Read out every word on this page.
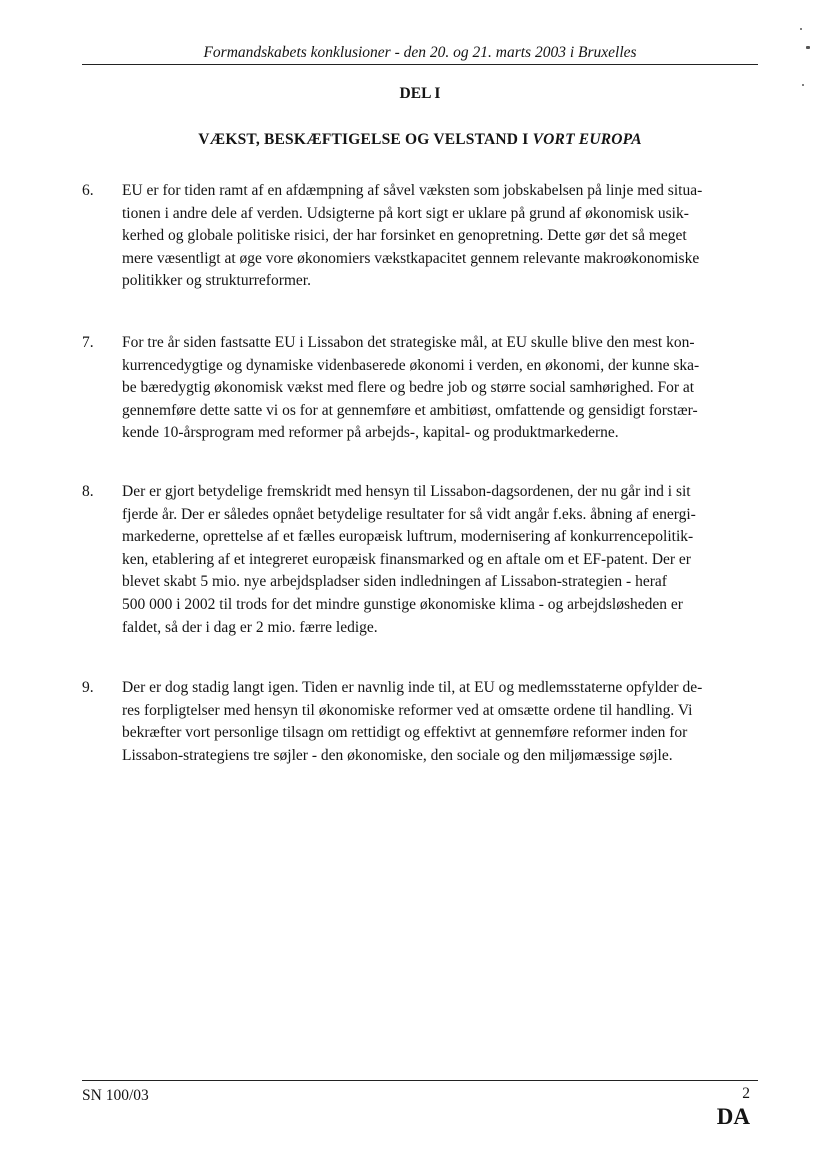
Formandskabets konklusioner - den 20. og 21. marts 2003 i Bruxelles
DEL I
VÆKST, BESKÆFTIGELSE OG VELSTAND I VORT EUROPA
6.	EU er for tiden ramt af en afdæmpning af såvel væksten som jobskabelsen på linje med situa-
tionen i andre dele af verden. Udsigterne på kort sigt er uklare på grund af økonomisk usik-
kerhed og globale politiske risici, der har forsinket en genopretning. Dette gør det så meget
mere væsentligt at øge vore økonomiers vækstkapacitet gennem relevante makroøkonomiske
politikker og strukturreformer.
7.	For tre år siden fastsatte EU i Lissabon det strategiske mål, at EU skulle blive den mest kon-
kurrencedygtige og dynamiske videnbaserede økonomi i verden, en økonomi, der kunne ska-
be bæredygtig økonomisk vækst med flere og bedre job og større social samhørighed. For at
gennemføre dette satte vi os for at gennemføre et ambitiøst, omfattende og gensidigt forstær-
kende 10-årsprogram med reformer på arbejds-, kapital- og produktmarkederne.
8.	Der er gjort betydelige fremskridt med hensyn til Lissabon-dagsordenen, der nu går ind i sit
fjerde år. Der er således opnået betydelige resultater for så vidt angår f.eks. åbning af energi-
markederne, oprettelse af et fælles europæisk luftrum, modernisering af konkurrencepolitik-
ken, etablering af et integreret europæisk finansmarked og en aftale om et EF-patent. Der er
blevet skabt 5 mio. nye arbejdspladser siden indledningen af Lissabon-strategien - heraf
500 000 i 2002 til trods for det mindre gunstige økonomiske klima - og arbejdsløsheden er
faldet, så der i dag er 2 mio. færre ledige.
9.	Der er dog stadig langt igen. Tiden er navnlig inde til, at EU og medlemsstaterne opfylder de-
res forpligtelser med hensyn til økonomiske reformer ved at omsætte ordene til handling. Vi
bekræfter vort personlige tilsagn om rettidigt og effektivt at gennemføre reformer inden for
Lissabon-strategiens tre søjler - den økonomiske, den sociale og den miljømæssige søjle.
SN 100/03	2
DA
